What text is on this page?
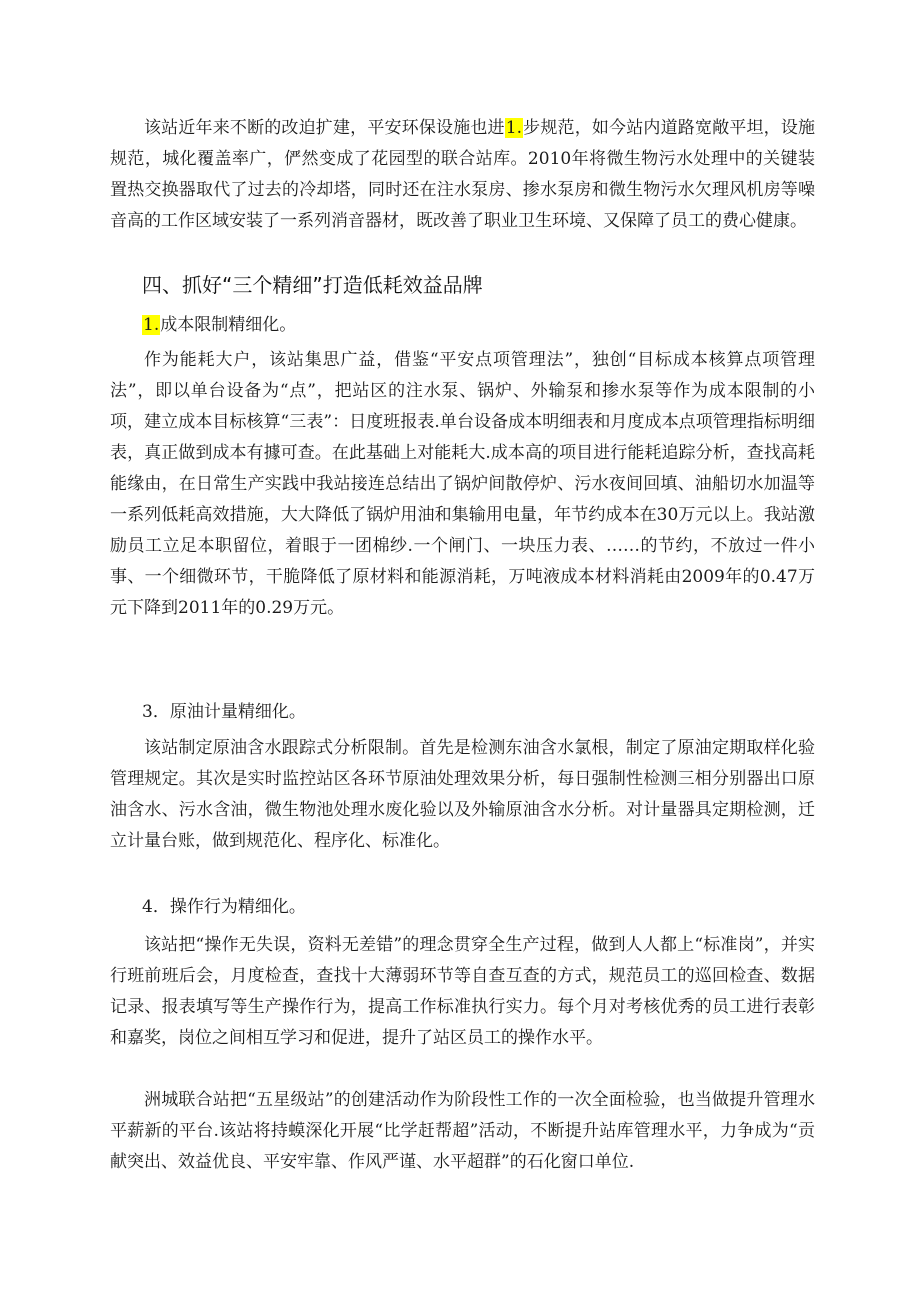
该站近年来不断的改迫扩建，平安环保设施也进1.步规范，如今站内道路宽敞平坦，设施规范，城化覆盖率广，俨然变成了花园型的联合站库。2010年将微生物污水处理中的关键装置热交换器取代了过去的冷却塔，同时还在注水泵房、掺水泵房和微生物污水欠理风机房等噪音高的工作区域安装了一系列消音器材，既改善了职业卫生环境、又保障了员工的费心健康。

四、抓好“三个精细”打造低耗效益品牌

1.成本限制精细化。

作为能耗大户，该站集思广益，借鉴“平安点项管理法”，独创“目标成本核算点项管理法”，即以单台设备为“点”，把站区的注水泵、锅炉、外输泵和掺水泵等作为成本限制的小项，建立成本目标核算“三表”：日度班报表.单台设备成本明细表和月度成本点项管理指标明细表，真正做到成本有據可查。在此基础上对能耗大.成本高的项目进行能耗追踪分析，查找高耗能缘由，在日常生产实践中我站接连总结出了锅炉间散停炉、污水夜间回填、油船切水加温等一系列低耗高效措施，大大降低了锅炉用油和集输用电量，年节约成本在30万元以上。我站激励员工立足本职留位，着眼于一团棉纱.一个闸门、一块压力表、……的节约，不放过一件小事、一个细微环节，干脆降低了原材料和能源消耗，万吨液成本材料消耗由2009年的0.47万元下降到2011年的0.29万元。

3．原油计量精细化。

该站制定原油含水跟踪式分析限制。首先是检测东油含水氯根，制定了原油定期取样化验管理规定。其次是实时监控站区各环节原油处理效果分析，每日强制性检测三相分别器出口原油含水、污水含油，微生物池处理水废化验以及外输原油含水分析。对计量器具定期检测，迁立计量台账，做到规范化、程序化、标准化。

4．操作行为精细化。

该站把“操作无失误，资料无差错”的理念贯穿全生产过程，做到人人都上“标准岗”，并实行班前班后会，月度检查，查找十大薄弱环节等自查互查的方式，规范员工的巡回检查、数据记录、报表填写等生产操作行为，提高工作标准执行实力。每个月对考核优秀的员工进行表彰和嘉奖，岗位之间相互学习和促进，提升了站区员工的操作水平。

洲城联合站把“五星级站”的创建活动作为阶段性工作的一次全面检验，也当做提升管理水平薪新的平台.该站将持蟆深化开展“比学赶帮超”活动，不断提升站库管理水平，力争成为“贡献突出、效益优良、平安牢靠、作风严谨、水平超群”的石化窗口单位.
